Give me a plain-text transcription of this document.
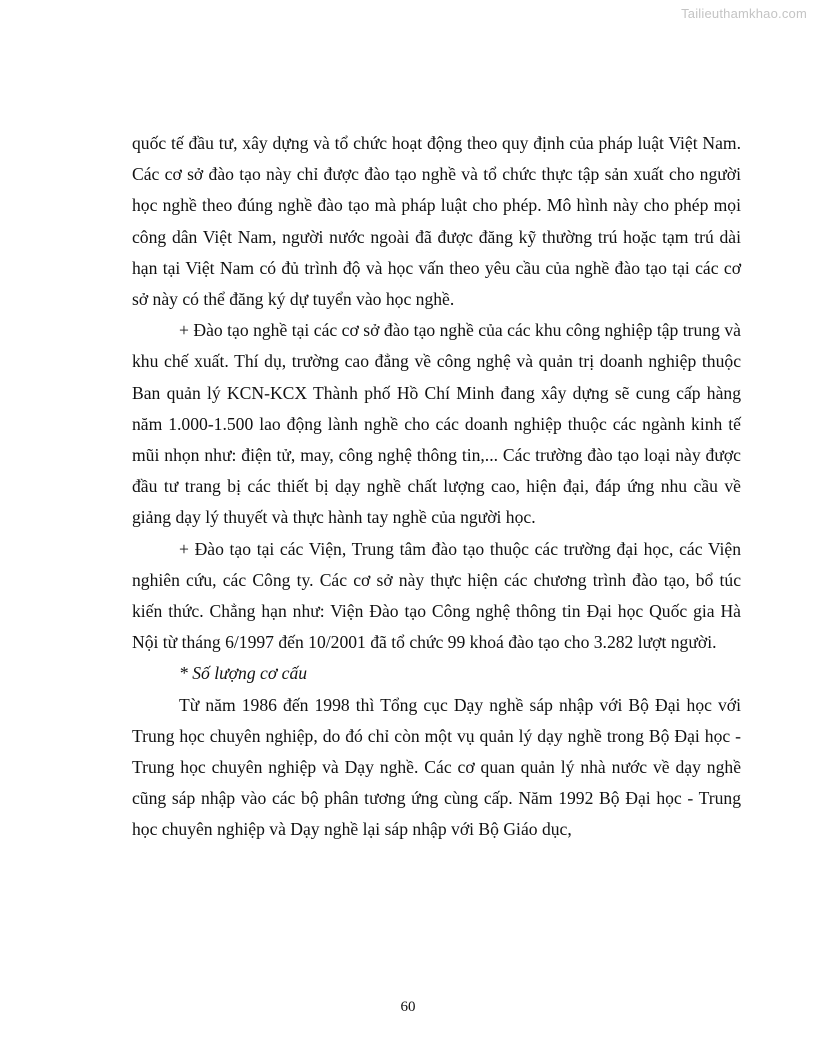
Tailieuthamkhao.com

quốc tế đầu tư, xây dựng và tổ chức hoạt động theo quy định của pháp luật Việt Nam. Các cơ sở đào tạo này chỉ được đào tạo nghề và tổ chức thực tập sản xuất cho người học nghề theo đúng nghề đào tạo mà pháp luật cho phép. Mô hình này cho phép mọi công dân Việt Nam, người nước ngoài đã được đăng kỹ thường trú hoặc tạm trú dài hạn tại Việt Nam có đủ trình độ và học vấn theo yêu cầu của nghề đào tạo tại các cơ sở này có thể đăng ký dự tuyển vào học nghề.

+ Đào tạo nghề tại các cơ sở đào tạo nghề của các khu công nghiệp tập trung và khu chế xuất. Thí dụ, trường cao đẳng về công nghệ và quản trị doanh nghiệp thuộc Ban quản lý KCN-KCX Thành phố Hồ Chí Minh đang xây dựng sẽ cung cấp hàng năm 1.000-1.500 lao động lành nghề cho các doanh nghiệp thuộc các ngành kinh tế mũi nhọn như: điện tử, may, công nghệ thông tin,... Các trường đào tạo loại này được đầu tư trang bị các thiết bị dạy nghề chất lượng cao, hiện đại, đáp ứng nhu cầu về giảng dạy lý thuyết và thực hành tay nghề của người học.

+ Đào tạo tại các Viện, Trung tâm đào tạo thuộc các trường đại học, các Viện nghiên cứu, các Công ty. Các cơ sở này thực hiện các chương trình đào tạo, bổ túc kiến thức. Chẳng hạn như: Viện Đào tạo Công nghệ thông tin Đại học Quốc gia Hà Nội từ tháng 6/1997 đến 10/2001 đã tổ chức 99 khoá đào tạo cho 3.282 lượt người.

* Số lượng cơ cấu

Từ năm 1986 đến 1998 thì Tổng cục Dạy nghề sáp nhập với Bộ Đại học với Trung học chuyên nghiệp, do đó chỉ còn một vụ quản lý dạy nghề trong Bộ Đại học - Trung học chuyên nghiệp và Dạy nghề. Các cơ quan quản lý nhà nước về dạy nghề cũng sáp nhập vào các bộ phân tương ứng cùng cấp. Năm 1992 Bộ Đại học - Trung học chuyên nghiệp và Dạy nghề lại sáp nhập với Bộ Giáo dục,

60
